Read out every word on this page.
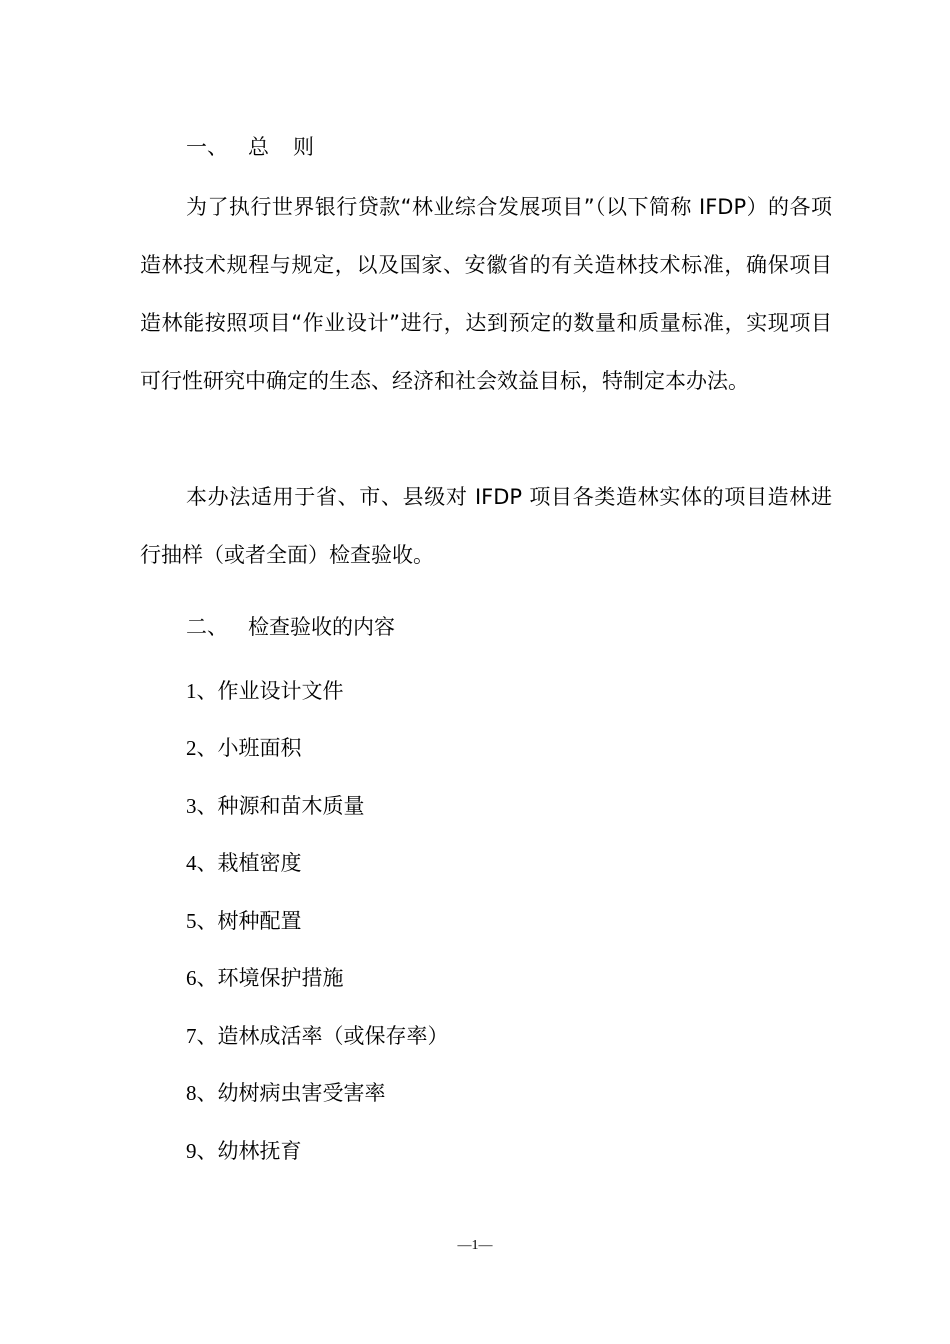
一、 总则

为了执行世界银行贷款“林业综合发展项目”（以下简称 IFDP）的各项造林技术规程与规定，以及国家、安徽省的有关造林技术标准，确保项目造林能按照项目“作业设计”进行，达到预定的数量和质量标准，实现项目可行性研究中确定的生态、经济和社会效益目标，特制定本办法。

本办法适用于省、市、县级对 IFDP 项目各类造林实体的项目造林进行抽样（或者全面）检查验收。

二、 检查验收的内容
1、作业设计文件
2、小班面积
3、种源和苗木质量
4、栽植密度
5、树种配置
6、环境保护措施
7、造林成活率（或保存率）
8、幼树病虫害受害率
9、幼林抚育
—1—
